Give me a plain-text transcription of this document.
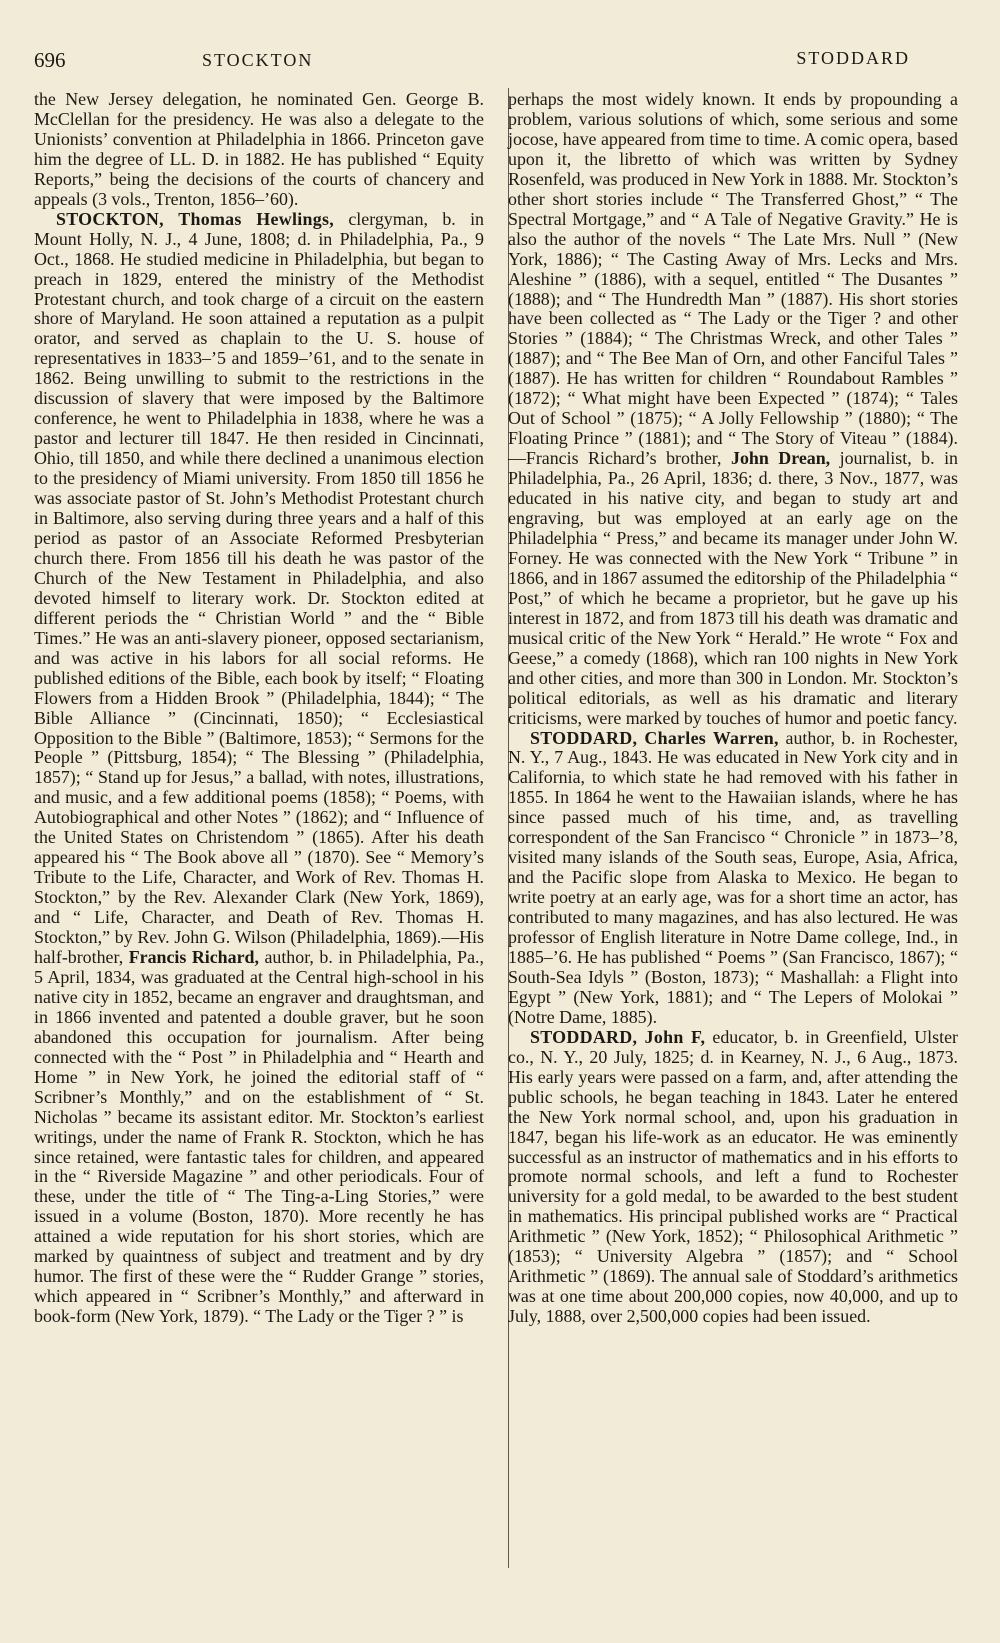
696	STOCKTON	STODDARD

the New Jersey delegation, he nominated Gen. George B. McClellan for the presidency. He was also a delegate to the Unionists’ convention at Philadelphia in 1866. Princeton gave him the degree of LL. D. in 1882. He has published “ Equity Reports,” being the decisions of the courts of chancery and appeals (3 vols., Trenton, 1856–’60).

STOCKTON, Thomas Hewlings, clergyman, b. in Mount Holly, N. J., 4 June, 1808; d. in Philadelphia, Pa., 9 Oct., 1868. He studied medicine in Philadelphia, but began to preach in 1829, entered the ministry of the Methodist Protestant church, and took charge of a circuit on the eastern shore of Maryland. He soon attained a reputation as a pulpit orator, and served as chaplain to the U. S. house of representatives in 1833–’5 and 1859–’61, and to the senate in 1862. Being unwilling to submit to the restrictions in the discussion of slavery that were imposed by the Baltimore conference, he went to Philadelphia in 1838, where he was a pastor and lecturer till 1847. He then resided in Cincinnati, Ohio, till 1850, and while there declined a unanimous election to the presidency of Miami university. From 1850 till 1856 he was associate pastor of St. John’s Methodist Protestant church in Baltimore, also serving during three years and a half of this period as pastor of an Associate Reformed Presbyterian church there. From 1856 till his death he was pastor of the Church of the New Testament in Philadelphia, and also devoted himself to literary work. Dr. Stockton edited at different periods the “ Christian World ” and the “ Bible Times.” He was an anti-slavery pioneer, opposed sectarianism, and was active in his labors for all social reforms. He published editions of the Bible, each book by itself; “ Floating Flowers from a Hidden Brook ” (Philadelphia, 1844); “ The Bible Alliance ” (Cincinnati, 1850); “ Ecclesiastical Opposition to the Bible ” (Baltimore, 1853); “ Sermons for the People ” (Pittsburg, 1854); “ The Blessing ” (Philadelphia, 1857); “ Stand up for Jesus,” a ballad, with notes, illustrations, and music, and a few additional poems (1858); “ Poems, with Autobiographical and other Notes ” (1862); and “ Influence of the United States on Christendom ” (1865). After his death appeared his “ The Book above all ” (1870). See “ Memory’s Tribute to the Life, Character, and Work of Rev. Thomas H. Stockton,” by the Rev. Alexander Clark (New York, 1869), and “ Life, Character, and Death of Rev. Thomas H. Stockton,” by Rev. John G. Wilson (Philadelphia, 1869).—His half-brother, Francis Richard, author, b. in Philadelphia, Pa., 5 April, 1834, was graduated at the Central high-school in his native city in 1852, became an engraver and draughtsman, and in 1866 invented and patented a double graver, but he soon abandoned this occupation for journalism. After being connected with the “ Post ” in Philadelphia and “ Hearth and Home ” in New York, he joined the editorial staff of “ Scribner’s Monthly,” and on the establishment of “ St. Nicholas ” became its assistant editor. Mr. Stockton’s earliest writings, under the name of Frank R. Stockton, which he has since retained, were fantastic tales for children, and appeared in the “ Riverside Magazine ” and other periodicals. Four of these, under the title of “ The Ting-a-Ling Stories,” were issued in a volume (Boston, 1870). More recently he has attained a wide reputation for his short stories, which are marked by quaintness of subject and treatment and by dry humor. The first of these were the “ Rudder Grange ” stories, which appeared in “ Scribner’s Monthly,” and afterward in book-form (New York, 1879). “ The Lady or the Tiger ? ” is

perhaps the most widely known. It ends by propounding a problem, various solutions of which, some serious and some jocose, have appeared from time to time. A comic opera, based upon it, the libretto of which was written by Sydney Rosenfeld, was produced in New York in 1888. Mr. Stockton’s other short stories include “ The Transferred Ghost,” “ The Spectral Mortgage,” and “ A Tale of Negative Gravity.” He is also the author of the novels “ The Late Mrs. Null ” (New York, 1886); “ The Casting Away of Mrs. Lecks and Mrs. Aleshine ” (1886), with a sequel, entitled “ The Dusantes ” (1888); and “ The Hundredth Man ” (1887). His short stories have been collected as “ The Lady or the Tiger ? and other Stories ” (1884); “ The Christmas Wreck, and other Tales ” (1887); and “ The Bee Man of Orn, and other Fanciful Tales ” (1887). He has written for children “ Roundabout Rambles ” (1872); “ What might have been Expected ” (1874); “ Tales Out of School ” (1875); “ A Jolly Fellowship ” (1880); “ The Floating Prince ” (1881); and “ The Story of Viteau ” (1884).—Francis Richard’s brother, John Drean, journalist, b. in Philadelphia, Pa., 26 April, 1836; d. there, 3 Nov., 1877, was educated in his native city, and began to study art and engraving, but was employed at an early age on the Philadelphia “ Press,” and became its manager under John W. Forney. He was connected with the New York “ Tribune ” in 1866, and in 1867 assumed the editorship of the Philadelphia “ Post,” of which he became a proprietor, but he gave up his interest in 1872, and from 1873 till his death was dramatic and musical critic of the New York “ Herald.” He wrote “ Fox and Geese,” a comedy (1868), which ran 100 nights in New York and other cities, and more than 300 in London. Mr. Stockton’s political editorials, as well as his dramatic and literary criticisms, were marked by touches of humor and poetic fancy.

STODDARD, Charles Warren, author, b. in Rochester, N. Y., 7 Aug., 1843. He was educated in New York city and in California, to which state he had removed with his father in 1855. In 1864 he went to the Hawaiian islands, where he has since passed much of his time, and, as travelling correspondent of the San Francisco “ Chronicle ” in 1873–’8, visited many islands of the South seas, Europe, Asia, Africa, and the Pacific slope from Alaska to Mexico. He began to write poetry at an early age, was for a short time an actor, has contributed to many magazines, and has also lectured. He was professor of English literature in Notre Dame college, Ind., in 1885–’6. He has published “ Poems ” (San Francisco, 1867); “ South-Sea Idyls ” (Boston, 1873); “ Mashallah: a Flight into Egypt ” (New York, 1881); and “ The Lepers of Molokai ” (Notre Dame, 1885).

STODDARD, John F, educator, b. in Greenfield, Ulster co., N. Y., 20 July, 1825; d. in Kearney, N. J., 6 Aug., 1873. His early years were passed on a farm, and, after attending the public schools, he began teaching in 1843. Later he entered the New York normal school, and, upon his graduation in 1847, began his life-work as an educator. He was eminently successful as an instructor of mathematics and in his efforts to promote normal schools, and left a fund to Rochester university for a gold medal, to be awarded to the best student in mathematics. His principal published works are “ Practical Arithmetic ” (New York, 1852); “ Philosophical Arithmetic ” (1853); “ University Algebra ” (1857); and “ School Arithmetic ” (1869). The annual sale of Stoddard’s arithmetics was at one time about 200,000 copies, now 40,000, and up to July, 1888, over 2,500,000 copies had been issued.
